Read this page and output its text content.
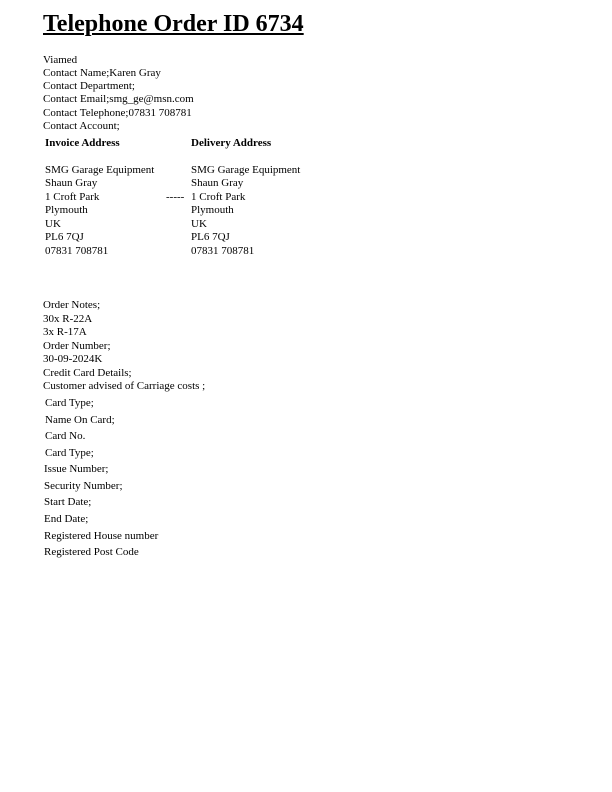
Telephone Order ID 6734
Viamed
Contact Name;Karen Gray
Contact Department;
Contact Email;smg_ge@msn.com
Contact Telephone;07831 708781
Contact Account;
Invoice Address	Delivery Address
SMG Garage Equipment
Shaun Gray
1 Croft Park
Plymouth
UK
PL6 7QJ
07831 708781
-----
SMG Garage Equipment
Shaun Gray
1 Croft Park
Plymouth
UK
PL6 7QJ
07831 708781
Order Notes;
30x R-22A
3x R-17A
Order Number;
30-09-2024K
Credit Card Details;
Customer advised of Carriage costs ;
Card Type;
Name On Card;
Card No.
Card Type;
Issue Number;
Security Number;
Start Date;
End Date;
Registered House number
Registered Post Code
